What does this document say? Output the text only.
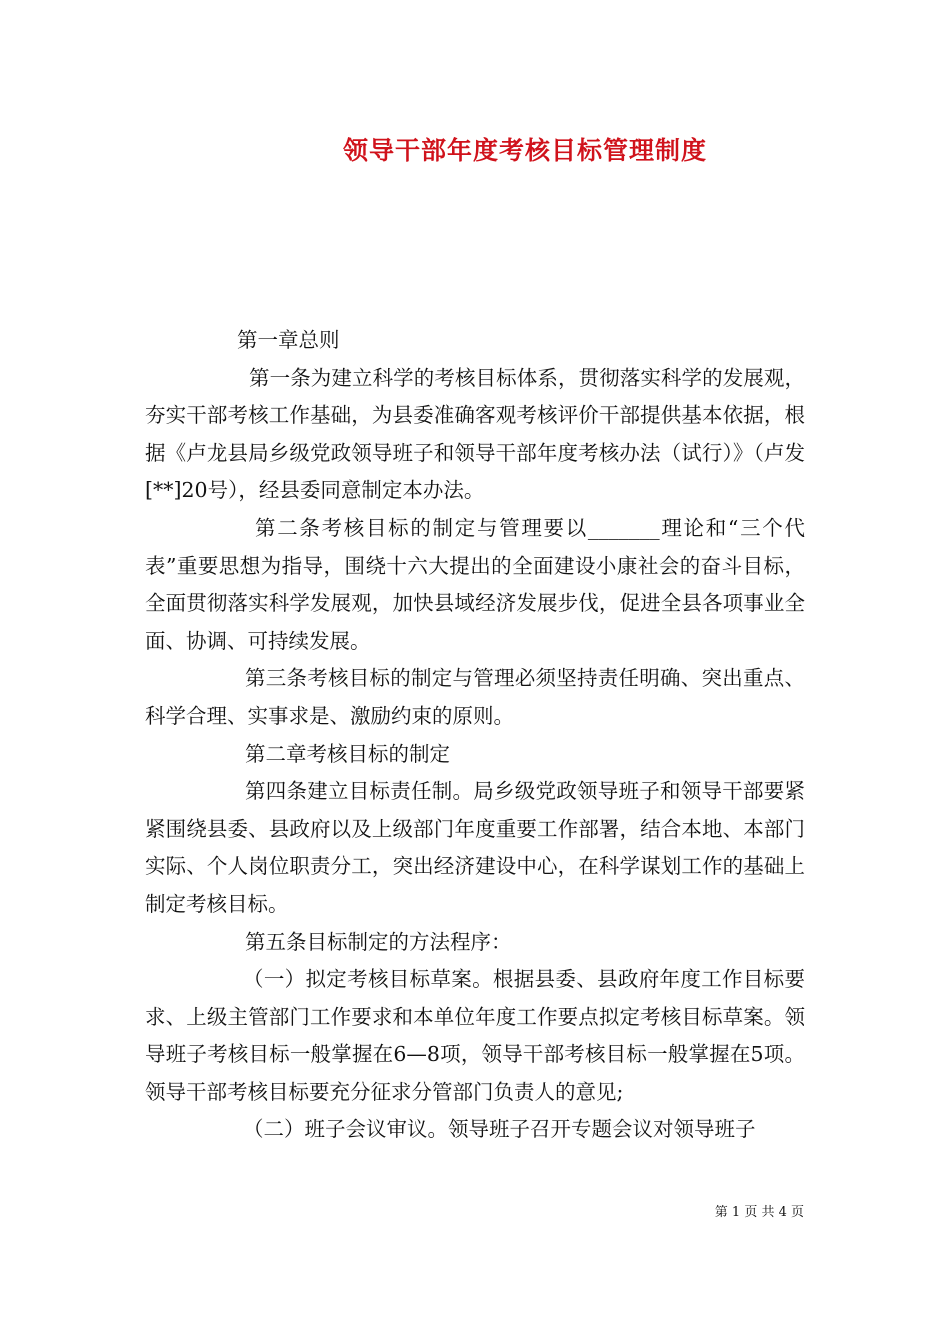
领导干部年度考核目标管理制度

第一章总则

第一条为建立科学的考核目标体系，贯彻落实科学的发展观，夯实干部考核工作基础，为县委准确客观考核评价干部提供基本依据，根据《卢龙县局乡级党政领导班子和领导干部年度考核办法（试行）》（卢发[**]20号），经县委同意制定本办法。

第二条考核目标的制定与管理要以_______理论和“三个代表”重要思想为指导，围绕十六大提出的全面建设小康社会的奋斗目标，全面贯彻落实科学发展观，加快县域经济发展步伐，促进全县各项事业全面、协调、可持续发展。

第三条考核目标的制定与管理必须坚持责任明确、突出重点、科学合理、实事求是、激励约束的原则。

第二章考核目标的制定

第四条建立目标责任制。局乡级党政领导班子和领导干部要紧紧围绕县委、县政府以及上级部门年度重要工作部署，结合本地、本部门实际、个人岗位职责分工，突出经济建设中心，在科学谋划工作的基础上制定考核目标。

第五条目标制定的方法程序：

（一）拟定考核目标草案。根据县委、县政府年度工作目标要求、上级主管部门工作要求和本单位年度工作要点拟定考核目标草案。领导班子考核目标一般掌握在6—8项，领导干部考核目标一般掌握在5项。领导干部考核目标要充分征求分管部门负责人的意见;

（二）班子会议审议。领导班子召开专题会议对领导班子

第 1 页 共 4 页
